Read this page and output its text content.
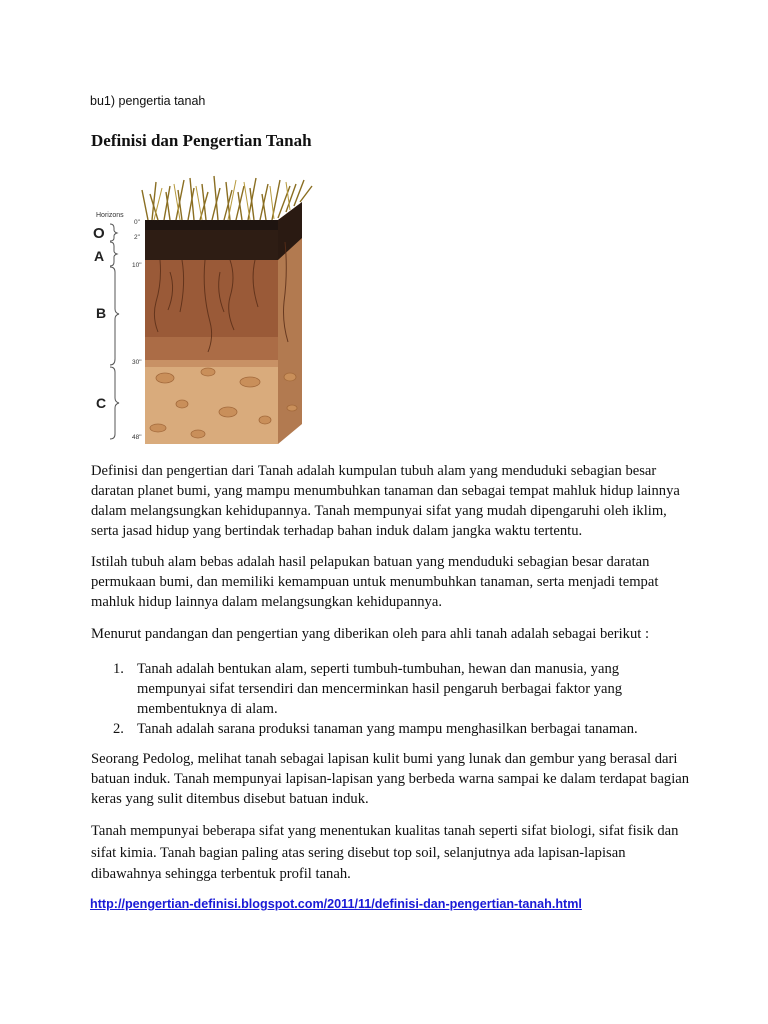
bu1) pengertia tanah
Definisi dan Pengertian Tanah
Horizons
O
A
B
C
0"
2"
10"
30"
48"

Definisi dan pengertian dari Tanah adalah kumpulan tubuh alam yang menduduki sebagian besar daratan planet bumi, yang mampu menumbuhkan tanaman dan sebagai tempat mahluk hidup lainnya dalam melangsungkan kehidupannya. Tanah mempunyai sifat yang mudah dipengaruhi oleh iklim, serta jasad hidup yang bertindak terhadap bahan induk dalam jangka waktu tertentu.

Istilah tubuh alam bebas adalah hasil pelapukan batuan yang menduduki sebagian besar daratan permukaan bumi, dan memiliki kemampuan untuk menumbuhkan tanaman, serta menjadi tempat mahluk hidup lainnya dalam melangsungkan kehidupannya.

Menurut pandangan dan pengertian yang diberikan oleh para ahli tanah adalah sebagai berikut :

1. Tanah adalah bentukan alam, seperti tumbuh-tumbuhan, hewan dan manusia, yang mempunyai sifat tersendiri dan mencerminkan hasil pengaruh berbagai faktor yang membentuknya di alam.
2. Tanah adalah sarana produksi tanaman yang mampu menghasilkan berbagai tanaman.

Seorang Pedolog, melihat tanah sebagai lapisan kulit bumi yang lunak dan gembur yang berasal dari batuan induk. Tanah mempunyai lapisan-lapisan yang berbeda warna sampai ke dalam terdapat bagian keras yang sulit ditembus disebut batuan induk.

Tanah mempunyai beberapa sifat yang menentukan kualitas tanah seperti sifat biologi, sifat fisik dan sifat kimia. Tanah bagian paling atas sering disebut top soil, selanjutnya ada lapisan-lapisan dibawahnya sehingga terbentuk profil tanah.

http://pengertian-definisi.blogspot.com/2011/11/definisi-dan-pengertian-tanah.html
